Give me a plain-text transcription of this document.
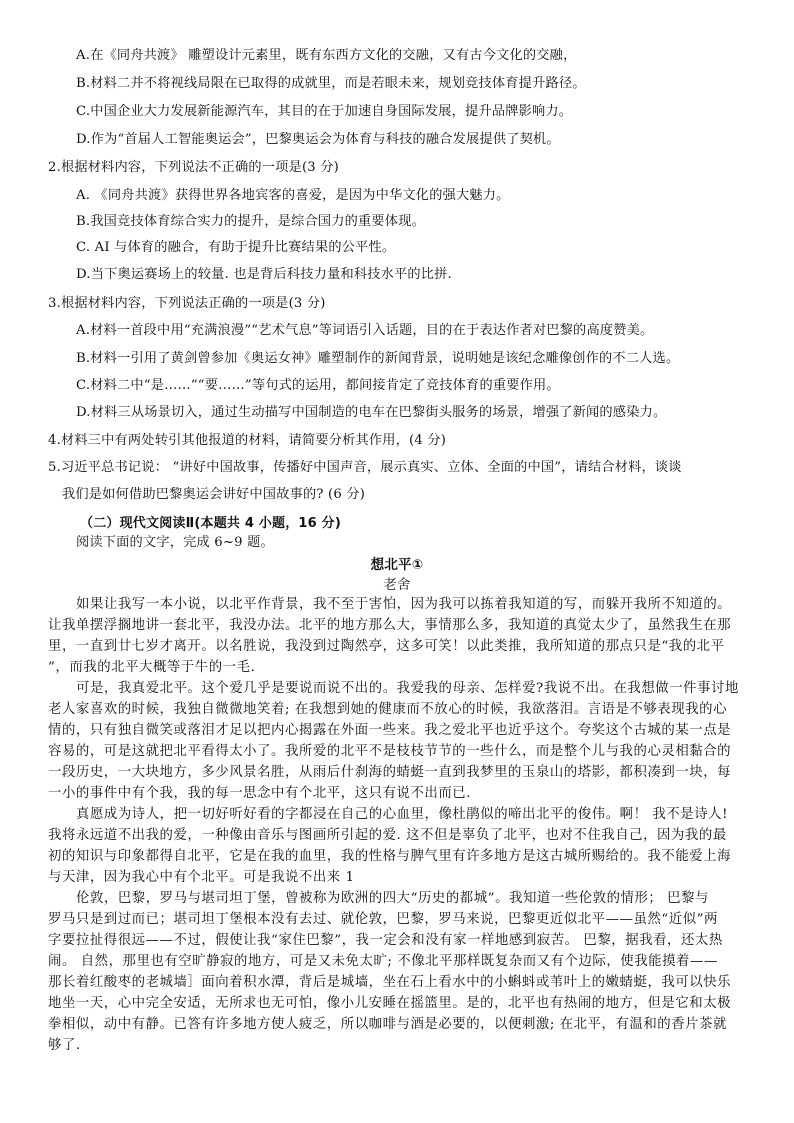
A.在《同舟共渡》 雕塑设计元素里，既有东西方文化的交融，又有古今文化的交融，
B.材料二并不将视线局限在已取得的成就里，而是若眼未来，规划竞技体育提升路径。
C.中国企业大力发展新能源汽车，其目的在于加速自身国际发展，提升品牌影响力。
D.作为“首届人工智能奥运会”，巴黎奥运会为体育与科技的融合发展提供了契机。
2.根据材料内容，下列说法不正确的一项是(3 分)
A. 《同舟共渡》获得世界各地宾客的喜爱，是因为中华文化的强大魅力。
B.我国竞技体育综合实力的提升，是综合国力的重要体现。
C. AI 与体育的融合，有助于提升比赛结果的公平性。
D.当下奥运赛场上的较量. 也是背后科技力量和科技水平的比拼.
3.根据材料内容，下列说法正确的一项是(3 分)
A.材料一首段中用“充满浪漫”“艺术气息”等词语引入话题，目的在于表达作者对巴黎的高度赞美。
B.材料一引用了黄剑曾参加《奥运女神》雕塑制作的新闻背景，说明她是该纪念雕像创作的不二人选。
C.材料二中“是……”“要……”等句式的运用，都间接肯定了竞技体育的重要作用。
D.材料三从场景切入，通过生动描写中国制造的电车在巴黎街头服务的场景，增强了新闻的感染力。
4.材料三中有两处转引其他报道的材料，请简要分析其作用，(4 分)
5.习近平总书记说： “讲好中国故事，传播好中国声音，展示真实、立体、全面的中国”，请结合材料，谈谈
我们是如何借助巴黎奥运会讲好中国故事的? (6 分)
（二）现代文阅读Ⅱ(本题共 4 小题，16 分)
阅读下面的文字，完成 6~9 题。
想北平①
老舍
如果让我写一本小说，以北平作背景，我不至于害怕，因为我可以拣着我知道的写，而躲开我所不知道的。
让我单摆浮搁地讲一套北平，我没办法。北平的地方那么大，事情那么多，我知道的真觉太少了，虽然我生在那
里，一直到廿七岁才离开。以名胜说，我没到过陶然亭，这多可笑！以此类推，我所知道的那点只是“我的北平
”，而我的北平大概等于牛的一毛.
可是，我真爱北平。这个爱几乎是要说而说不出的。我爱我的母亲、怎样爱?我说不出。在我想做一件事讨地
老人家喜欢的时候，我独自微微地笑着; 在我想到她的健康而不放心的时候，我欲落泪。言语是不够表现我的心
情的，只有独自微笑或落泪才足以把内心揭露在外面一些来。我之爱北平也近乎这个。夸奖这个古城的某一点是
容易的，可是这就把北平看得太小了。我所爱的北平不是枝枝节节的一些什么，而是整个儿与我的心灵相黏合的
一段历史，一大块地方，多少风景名胜，从雨后什刹海的蜻蜓一直到我梦里的玉泉山的塔影，都积凑到一块，每
一小的事件中有个我，我的每一思念中有个北平，这只有说不出而已.
真愿成为诗人，把一切好听好看的字都浸在自己的心血里，像杜鹃似的啼出北平的俊伟。啊！ 我不是诗人!
我将永远道不出我的爱，一种像由音乐与图画所引起的爱. 这不但是辜负了北平，也对不住我自己，因为我的最
初的知识与印象都得自北平，它是在我的血里，我的性格与脾气里有许多地方是这古城所赐给的。我不能爱上海
与天津，因为我心中有个北平。可是我说不出来 1
伦敦，巴黎，罗马与堪司坦丁堡，曾被称为欧洲的四大“历史的都城”。我知道一些伦敦的情形； 巴黎与
罗马只是到过而已；堪司坦丁堡根本没有去过、就伦敦，巴黎，罗马来说，巴黎更近似北平——虽然“近似”两
字要拉扯得很远——不过，假使让我“家住巴黎”，我一定会和没有家一样地感到寂苦。 巴黎，据我看，还太热
闹。 自然，那里也有空旷静寂的地方，可是又未免太旷; 不像北平那样既复杂而又有个边际，使我能摸着——
那长着红酸枣的老城墙］面向着积水潭，背后是城墙，坐在石上看水中的小蝌蚪或苇叶上的嫩蜻蜓，我可以快乐
地坐一天，心中完全安适，无所求也无可怕，像小儿安睡在摇篮里。是的，北平也有热闹的地方，但是它和太极
拳相似，动中有静。已答有许多地方使人疲乏，所以咖啡与酒是必要的，以便刺激; 在北平，有温和的香片茶就
够了.
